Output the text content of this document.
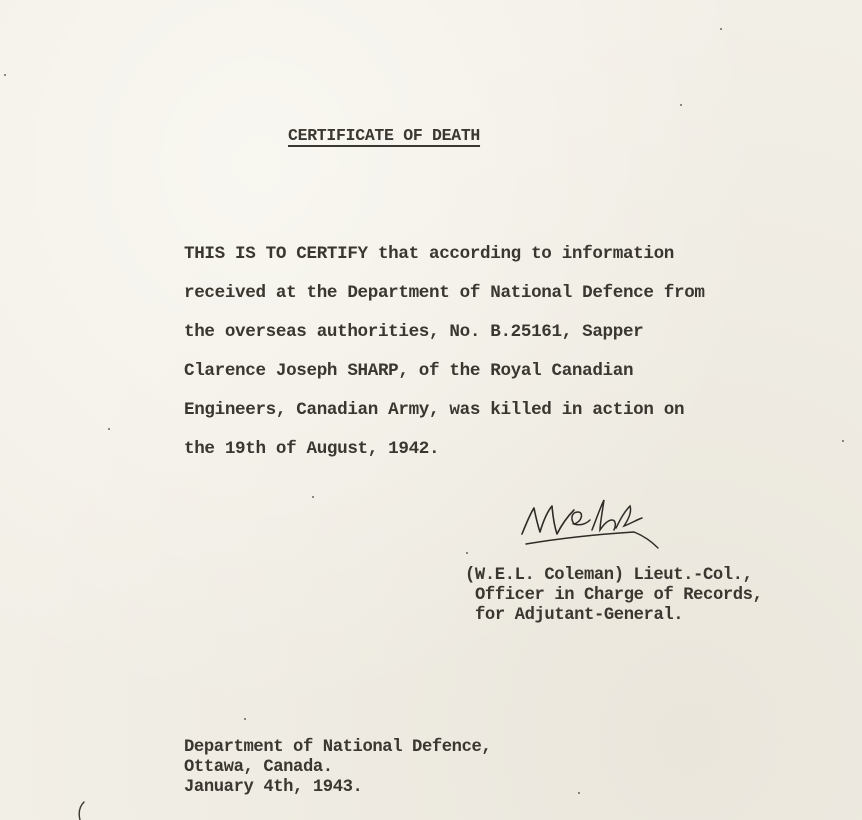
CERTIFICATE OF DEATH
THIS IS TO CERTIFY that according to information
received at the Department of National Defence from
the overseas authorities, No. B.25161, Sapper
Clarence Joseph SHARP, of the Royal Canadian
Engineers, Canadian Army, was killed in action on
the 19th of August, 1942.
(W.E.L. Coleman) Lieut.-Col.,
Officer in Charge of Records,
for Adjutant-General.
Department of National Defence,
Ottawa, Canada.
January 4th, 1943.
